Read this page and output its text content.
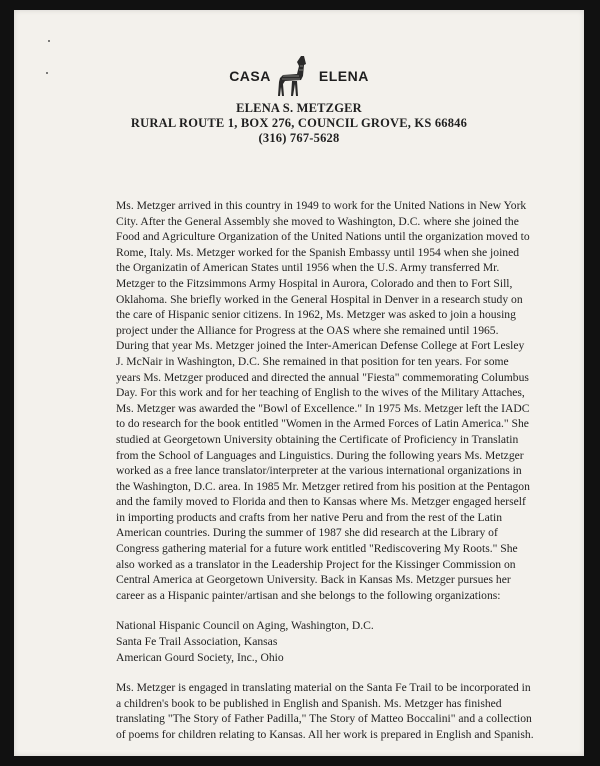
CASA	ELENA
ELENA S. METZGER
RURAL ROUTE 1, BOX 276, COUNCIL GROVE, KS 66846
(316) 767-5628

Ms. Metzger arrived in this country in 1949 to work for the United Nations in New York City. After the General Assembly she moved to Washington, D.C. where she joined the Food and Agriculture Organization of the United Nations until the organization moved to Rome, Italy. Ms. Metzger worked for the Spanish Embassy until 1954 when she joined the Organizatin of American States until 1956 when the U.S. Army transferred Mr. Metzger to the Fitzsimmons Army Hospital in Aurora, Colorado and then to Fort Sill, Oklahoma. She briefly worked in the General Hospital in Denver in a research study on the care of Hispanic senior citizens. In 1962, Ms. Metzger was asked to join a housing project under the Alliance for Progress at the OAS where she remained until 1965. During that year Ms. Metzger joined the Inter-American Defense College at Fort Lesley J. McNair in Washington, D.C. She remained in that position for ten years. For some years Ms. Metzger produced and directed the annual "Fiesta" commemorating Columbus Day. For this work and for her teaching of English to the wives of the Military Attaches, Ms. Metzger was awarded the "Bowl of Excellence." In 1975 Ms. Metzger left the IADC to do research for the book entitled "Women in the Armed Forces of Latin America." She studied at Georgetown University obtaining the Certificate of Proficiency in Translatin from the School of Languages and Linguistics. During the following years Ms. Metzger worked as a free lance translator/interpreter at the various international organizations in the Washington, D.C. area. In 1985 Mr. Metzger retired from his position at the Pentagon and the family moved to Florida and then to Kansas where Ms. Metzger engaged herself in importing products and crafts from her native Peru and from the rest of the Latin American countries. During the summer of 1987 she did research at the Library of Congress gathering material for a future work entitled "Rediscovering My Roots." She also worked as a translator in the Leadership Project for the Kissinger Commission on Central America at Georgetown University. Back in Kansas Ms. Metzger pursues her career as a Hispanic painter/artisan and she belongs to the following organizations:

National Hispanic Council on Aging, Washington, D.C.
Santa Fe Trail Association, Kansas
American Gourd Society, Inc., Ohio

Ms. Metzger is engaged in translating material on the Santa Fe Trail to be incorporated in a children's book to be published in English and Spanish. Ms. Metzger has finished translating "The Story of Father Padilla," The Story of Matteo Boccalini" and a collection of poems for children relating to Kansas. All her work is prepared in English and Spanish.
